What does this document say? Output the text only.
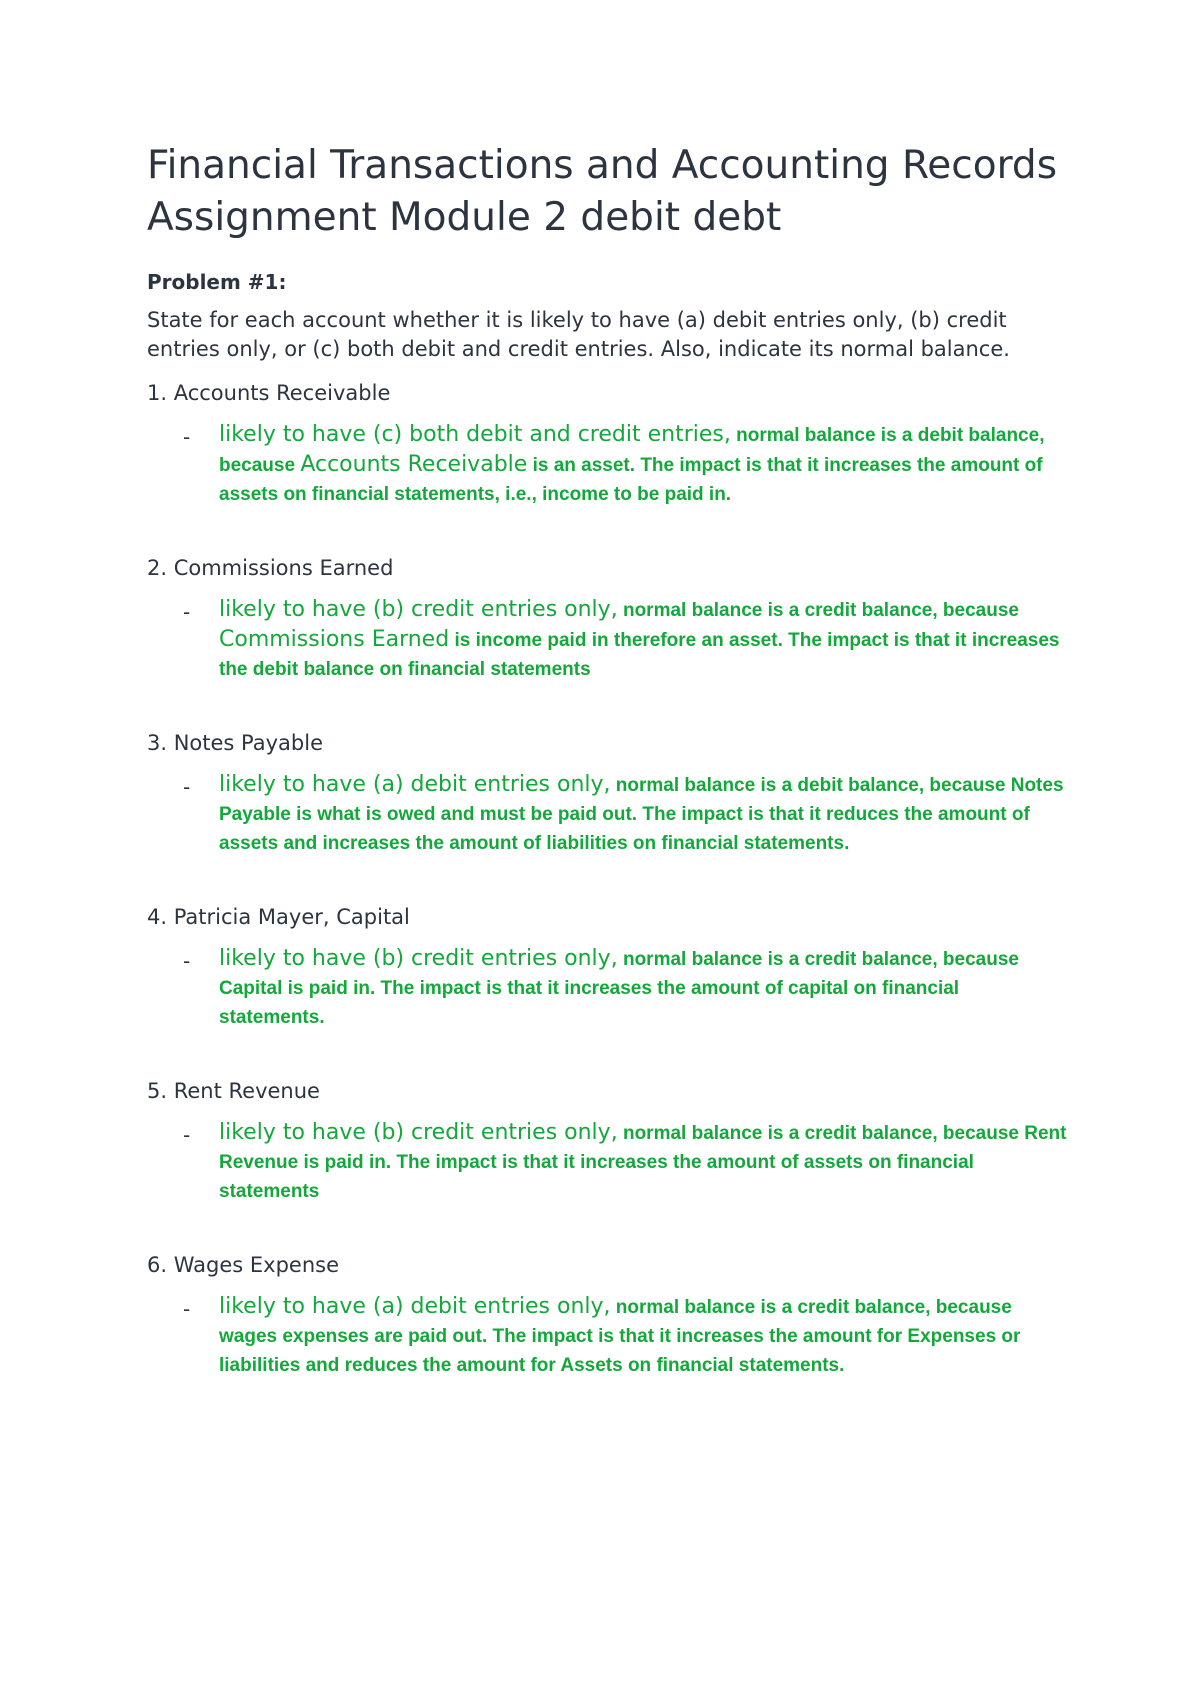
Financial Transactions and Accounting Records Assignment Module 2 debit debt
Problem #1:
State for each account whether it is likely to have (a) debit entries only, (b) credit entries only, or (c) both debit and credit entries. Also, indicate its normal balance.
1. Accounts Receivable
- likely to have (c) both debit and credit entries, normal balance is a debit balance, because Accounts Receivable is an asset. The impact is that it increases the amount of assets on financial statements, i.e., income to be paid in.
2. Commissions Earned
- likely to have (b) credit entries only, normal balance is a credit balance, because Commissions Earned is income paid in therefore an asset. The impact is that it increases the debit balance on financial statements
3. Notes Payable
- likely to have (a) debit entries only, normal balance is a debit balance, because Notes Payable is what is owed and must be paid out. The impact is that it reduces the amount of assets and increases the amount of liabilities on financial statements.
4. Patricia Mayer, Capital
- likely to have (b) credit entries only, normal balance is a credit balance, because Capital is paid in. The impact is that it increases the amount of capital on financial statements.
5. Rent Revenue
- likely to have (b) credit entries only, normal balance is a credit balance, because Rent Revenue is paid in. The impact is that it increases the amount of assets on financial statements
6. Wages Expense
- likely to have (a) debit entries only, normal balance is a credit balance, because wages expenses are paid out. The impact is that it increases the amount for Expenses or liabilities and reduces the amount for Assets on financial statements.
